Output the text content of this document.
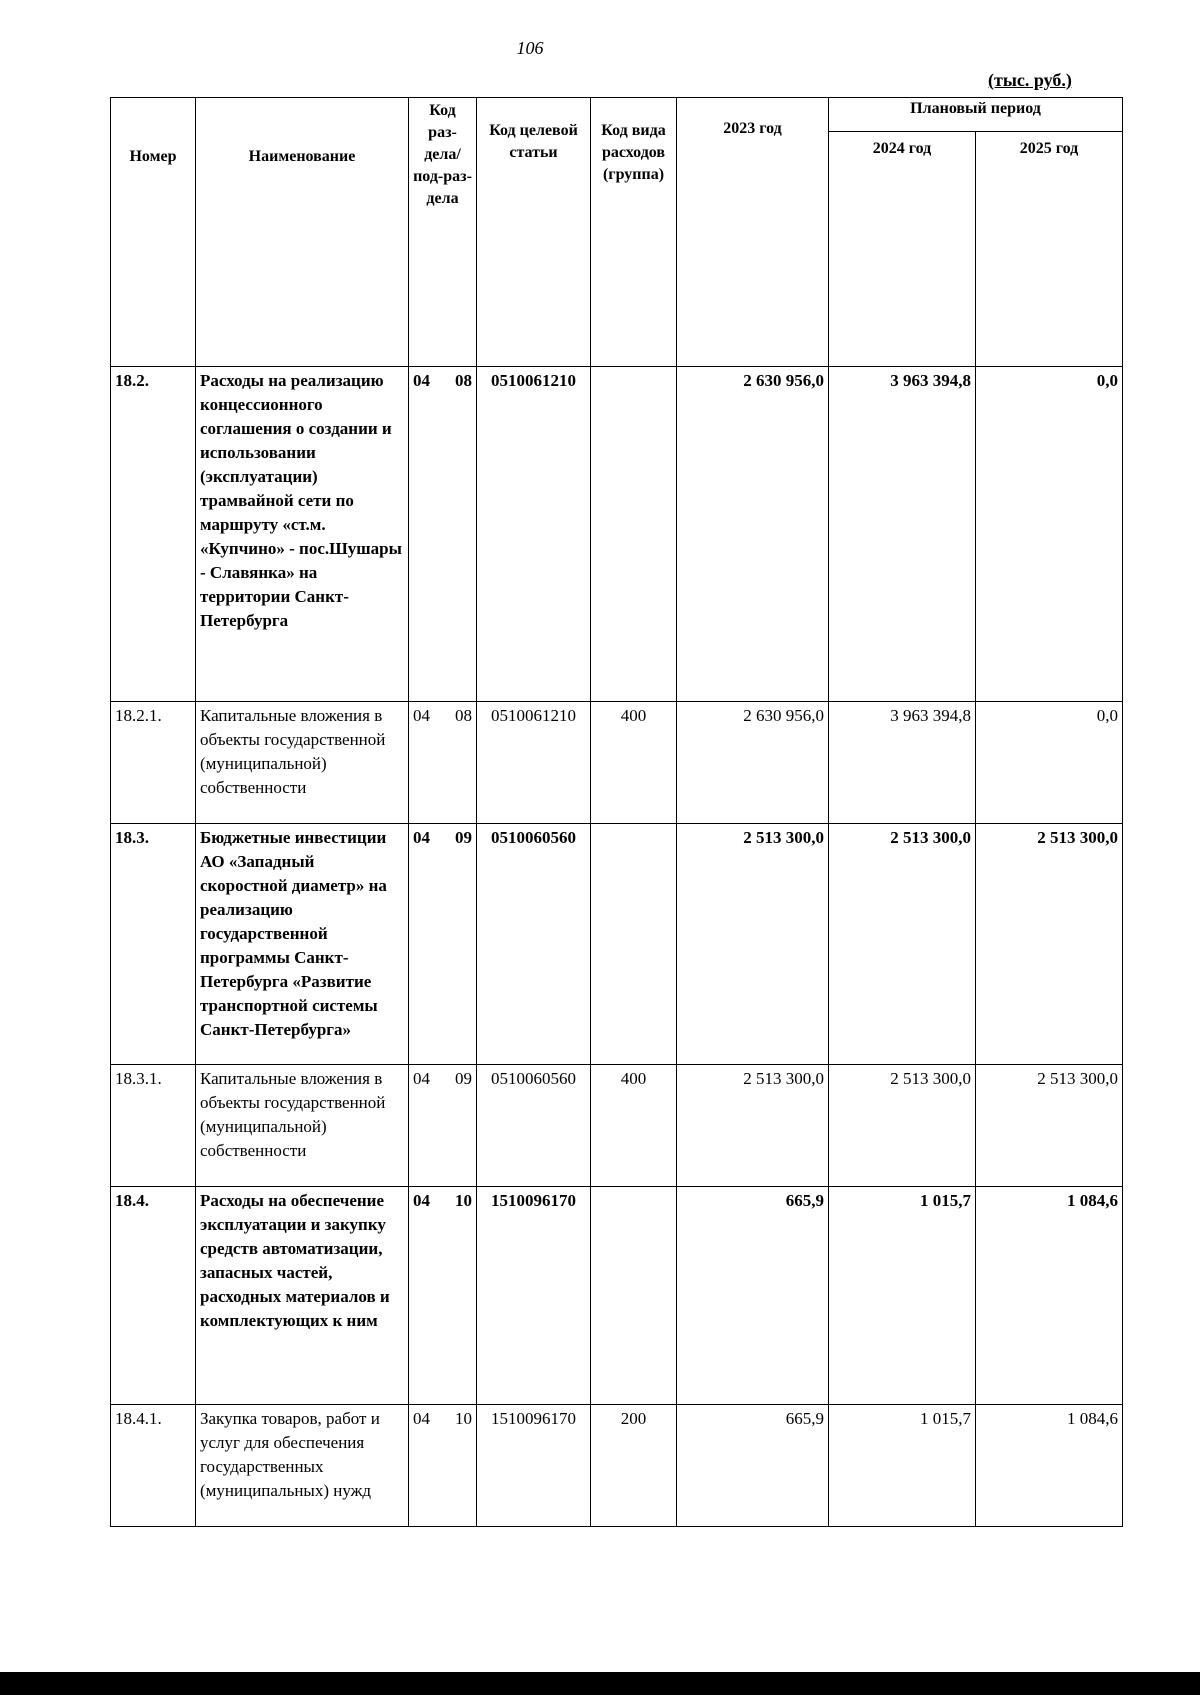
106
(тыс. руб.)
Номер	Наименование	Код раз-дела/ под-раз-дела	Код целевой статьи	Код вида расходов (группа)	2023 год	Плановый период	
						2024 год	2025 год
18.2.	Расходы на реализацию концессионного соглашения о создании и использовании (эксплуатации) трамвайной сети по маршруту «ст.м. «Купчино» - пос.Шушары - Славянка» на территории Санкт-Петербурга	04 08	0510061210		2 630 956,0	3 963 394,8	0,0
18.2.1.	Капитальные вложения в объекты государственной (муниципальной) собственности	04 08	0510061210	400	2 630 956,0	3 963 394,8	0,0
18.3.	Бюджетные инвестиции АО «Западный скоростной диаметр» на реализацию государственной программы Санкт-Петербурга «Развитие транспортной системы Санкт-Петербурга»	04 09	0510060560		2 513 300,0	2 513 300,0	2 513 300,0
18.3.1.	Капитальные вложения в объекты государственной (муниципальной) собственности	04 09	0510060560	400	2 513 300,0	2 513 300,0	2 513 300,0
18.4.	Расходы на обеспечение эксплуатации и закупку средств автоматизации, запасных частей, расходных материалов и комплектующих к ним	04 10	1510096170		665,9	1 015,7	1 084,6
18.4.1.	Закупка товаров, работ и услуг для обеспечения государственных (муниципальных) нужд	04 10	1510096170	200	665,9	1 015,7	1 084,6
